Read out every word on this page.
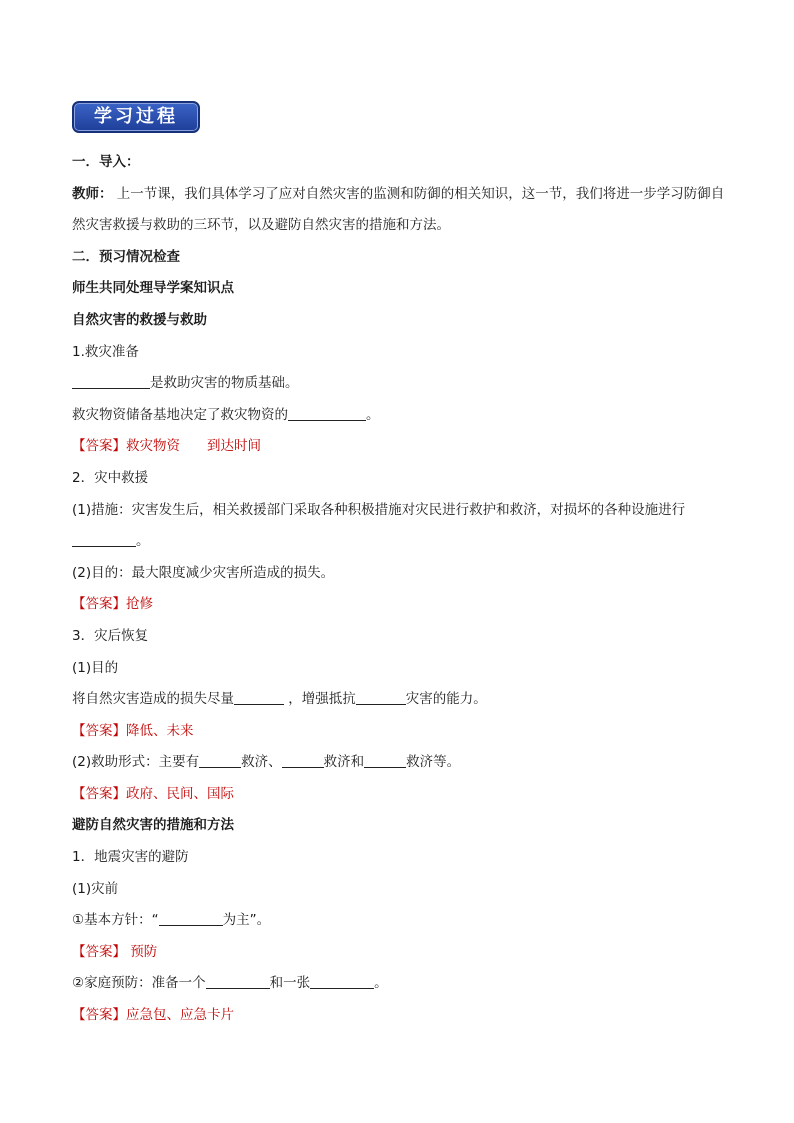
学习过程
一．导入：
教师： 上一节课，我们具体学习了应对自然灾害的监测和防御的相关知识，这一节，我们将进一步学习防御自然灾害救援与救助的三环节，以及避防自然灾害的措施和方法。
二．预习情况检查
师生共同处理导学案知识点
自然灾害的救援与救助
1.救灾准备
是救助灾害的物质基础。
救灾物资储备基地决定了救灾物资的	。
【答案】救灾物资　　到达时间
2．灾中救援
(1)措施：灾害发生后，相关救援部门采取各种积极措施对灾民进行救护和救济，对损坏的各种设施进行。
(2)目的：最大限度减少灾害所造成的损失。
【答案】抢修
3．灾后恢复
(1)目的
将自然灾害造成的损失尽量	，增强抵抗	灾害的能力。
【答案】降低、未来
(2)救助形式：主要有	救济、	救济和	救济等。
【答案】政府、民间、国际
避防自然灾害的措施和方法
1．地震灾害的避防
(1)灾前
①基本方针：“	为主”。
【答案】 预防
②家庭预防：准备一个	和一张	。
【答案】应急包、应急卡片
